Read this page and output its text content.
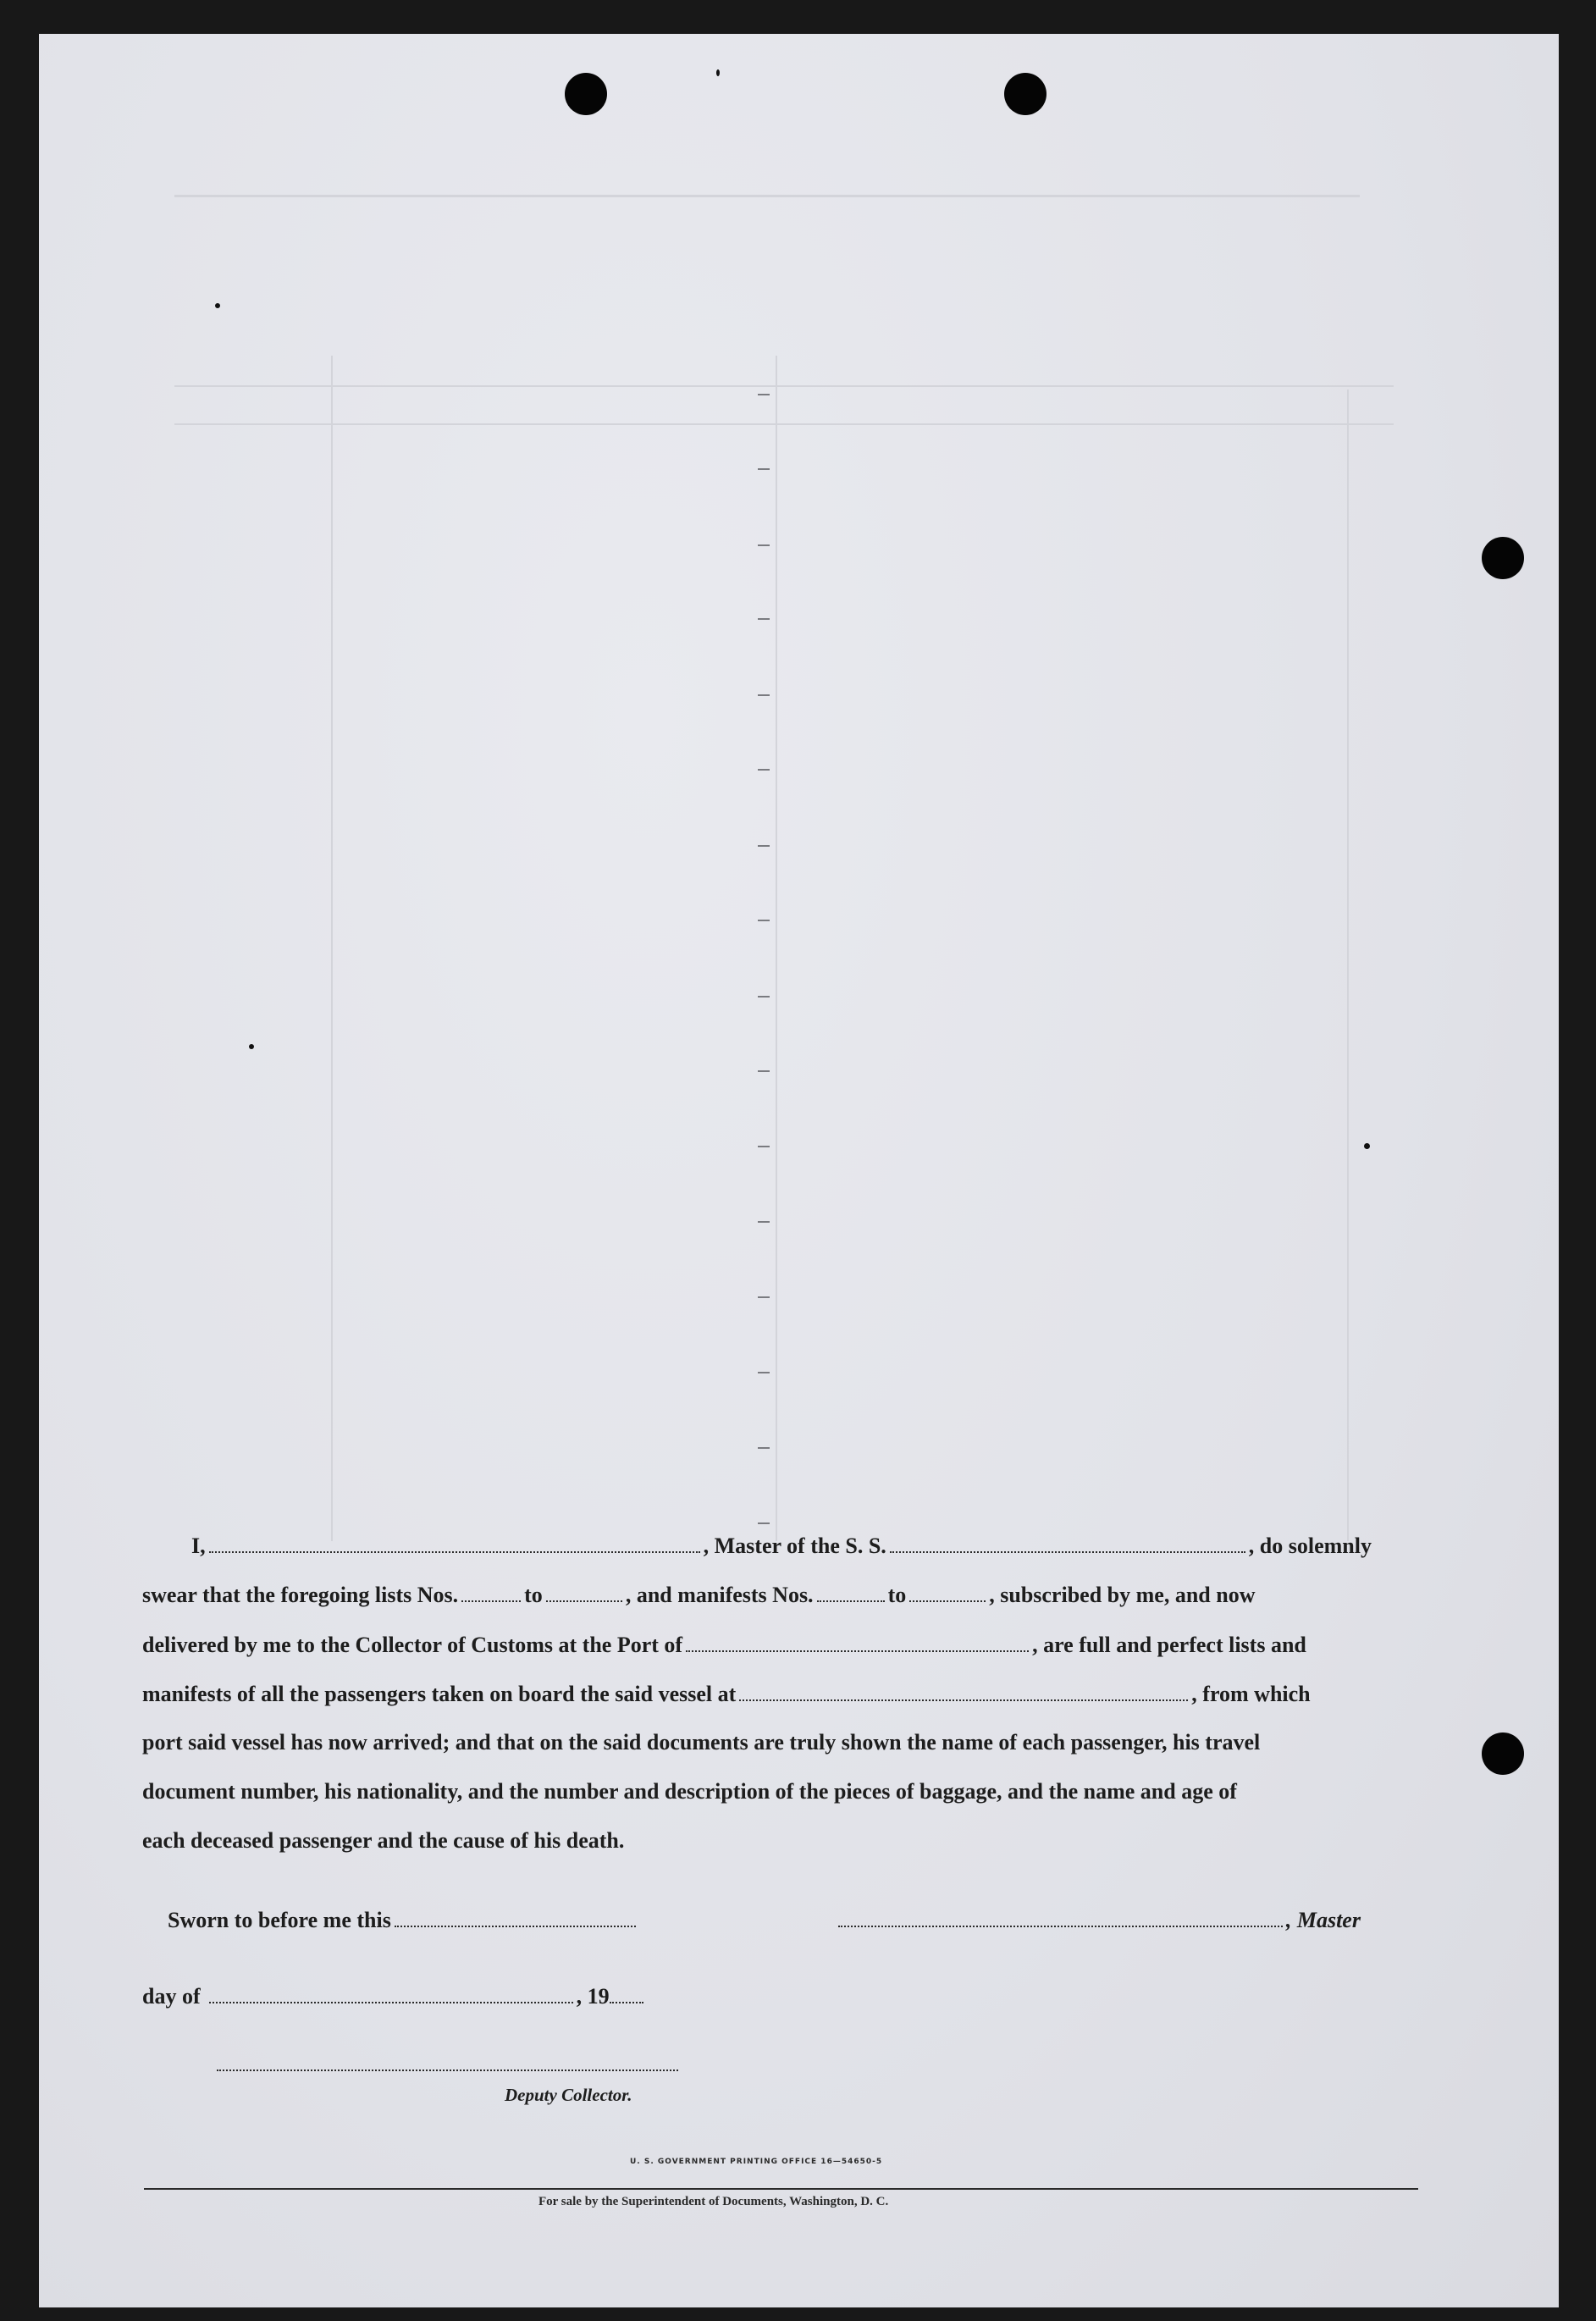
I,	, Master of the S. S.	, do solemnly
swear that the foregoing lists Nos.	to	, and manifests Nos.	to	, subscribed by me, and now
delivered by me to the Collector of Customs at the Port of	, are full and perfect lists and
manifests of all the passengers taken on board the said vessel at	, from which
port said vessel has now arrived; and that on the said documents are truly shown the name of each passenger, his travel
document number, his nationality, and the number and description of the pieces of baggage, and the name and age of
each deceased passenger and the cause of his death.
Sworn to before me this	, Master
day of	, 19
Deputy Collector.
U. S. GOVERNMENT PRINTING OFFICE 16—54650-5
For sale by the Superintendent of Documents, Washington, D. C.
